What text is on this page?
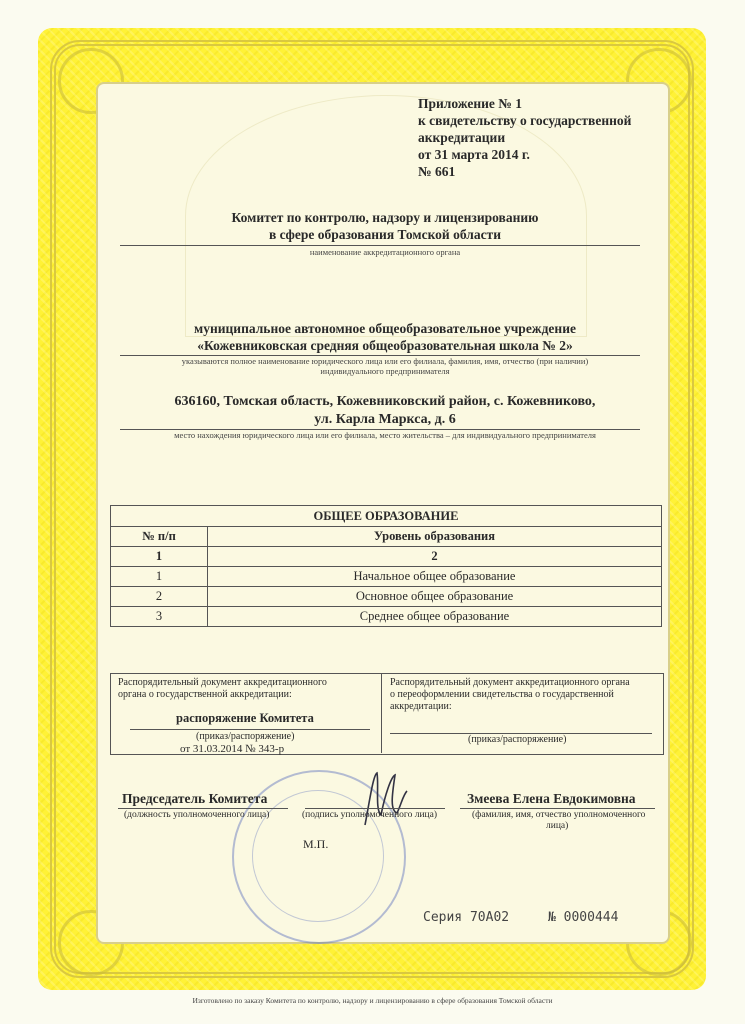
Приложение № 1
к свидетельству о государственной
аккредитации
от 31 марта 2014 г.
№ 661
Комитет по контролю, надзору и лицензированию
в сфере образования Томской области
наименование аккредитационного органа
муниципальное автономное общеобразовательное учреждение
«Кожевниковская средняя общеобразовательная школа № 2»
указываются полное наименование юридического лица или его филиала, фамилия, имя, отчество (при наличии)
индивидуального предпринимателя
636160, Томская область, Кожевниковский район, с. Кожевниково,
ул. Карла Маркса, д. 6
место нахождения юридического лица или его филиала, место жительства – для индивидуального предпринимателя
ОБЩЕЕ ОБРАЗОВАНИЕ	
№ п/п	Уровень образования
1	2
1	Начальное общее образование
2	Основное общее образование
3	Среднее общее образование
Распорядительный документ аккредитационного
органа о государственной аккредитации:
распоряжение Комитета
(приказ/распоряжение)
от 31.03.2014 № 343-р
Распорядительный документ аккредитационного органа
о переоформлении свидетельства о государственной
аккредитации:
(приказ/распоряжение)
Председатель Комитета
(должность уполномоченного лица)	(подпись уполномоченного лица)
Змеева Елена Евдокимовна
(фамилия, имя, отчество уполномоченного
лица)
М.П.
Серия 70А02	№ 0000444
Изготовлено по заказу Комитета по контролю, надзору и лицензированию в сфере образования Томской области
